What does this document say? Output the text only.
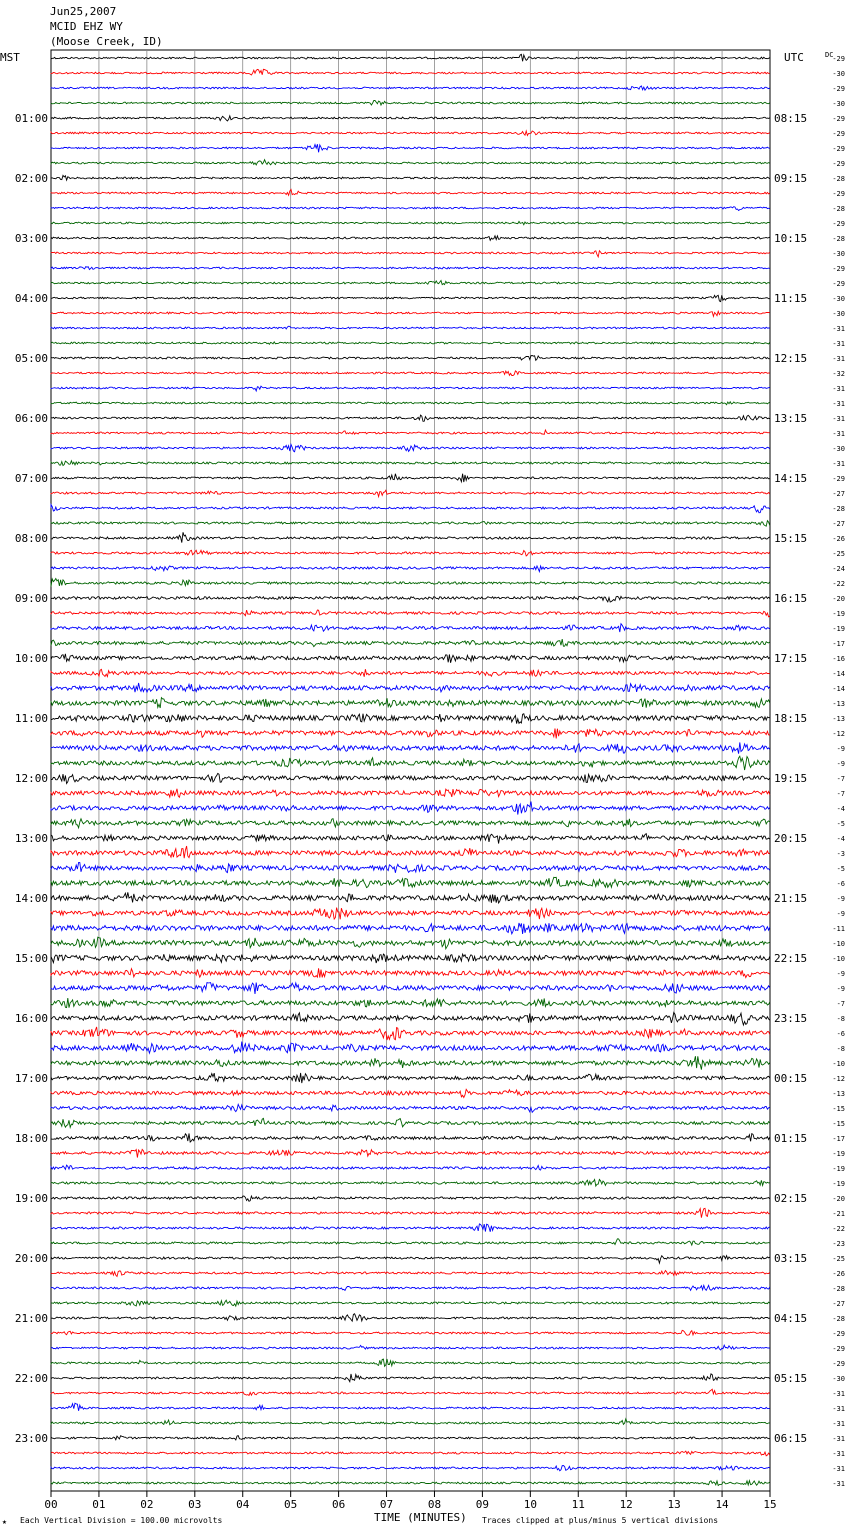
Jun25,2007
MCID EHZ WY
(Moose Creek, ID)
MST	UTC	DC
01:00
02:00
03:00
04:00
05:00
06:00
07:00
08:00
09:00
10:00
11:00
12:00
13:00
14:00
15:00
16:00
17:00
18:00
19:00
20:00
21:00
22:00
23:00
08:15
09:15
10:15
11:15
12:15
13:15
14:15
15:15
16:15
17:15
18:15
19:15
20:15
21:15
22:15
23:15
00:15
01:15
02:15
03:15
04:15
05:15
06:15
-29
-30
-29
-30
-29
-29
-29
-29
-28
-29
-28
-29
-28
-30
-29
-29
-30
-30
-31
-31
-31
-32
-31
-31
-31
-31
-30
-31
-29
-27
-28
-27
-26
-25
-24
-22
-20
-19
-19
-17
-16
-14
-14
-13
-13
-12
-9
-9
-7
-7
-4
-5
-4
-3
-5
-6
-9
-9
-11
-10
-10
-9
-9
-7
-8
-6
-8
-10
-12
-13
-15
-15
-17
-19
-19
-19
-20
-21
-22
-23
-25
-26
-28
-27
-28
-29
-29
-29
-30
-31
-31
-31
-31
-31
-31
-31
00	01	02	03	04	05	06	07	08	09	10	11	12	13	14	15
TIME (MINUTES)
★ Each Vertical Division = 100.00 microvolts	Traces clipped at plus/minus 5 vertical divisions
